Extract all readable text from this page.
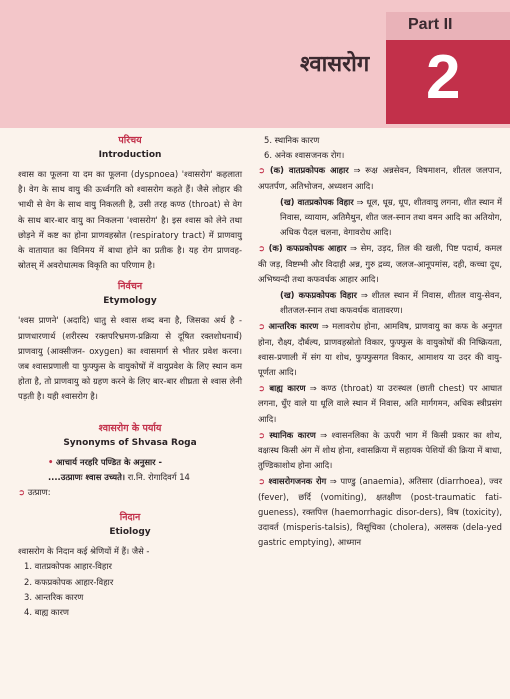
श्वासरोग
Part II
2
परिचय
Introduction

श्वास का फूलना या दम का फूलना (dyspnoea) 'श्वासरोग' कहलाता है। वेग के साथ वायु की ऊर्ध्वगति को श्वासरोग कहते हैं। जैसे लोहार की भाथी से वेग के साथ वायु निकलती है, उसी तरह कण्ठ (throat) से वेग के साथ बार-बार वायु का निकलना 'श्वासरोग' है। इस श्वास को लेने तथा छोड़ने में कष्ट का होना प्राणवहस्रोत (respiratory tract) में प्राणवायु के वातायात का विनिमय में बाधा होने का प्रतीक है। यह रोग प्राणवह-स्रोतस् में अवरोधात्मक विकृति का परिणाम है।

निर्वचन
Etymology

'श्वस प्राणने' (अदादि) धातु से श्वास शब्द बना है, जिसका अर्थ है - प्राणधारणार्थ (शरीरस्थ रक्तपरिभ्रमण-प्रक्रिया से दूषित रक्तशोधनार्थ) प्राणवायु (आक्सीजन- oxygen) का श्वासमार्ग से भीतर प्रवेश करना। जब श्वासप्रणाली या फुफ्फुस के वायुकोषों में वायुप्रवेश के लिए स्थान कम होता है, तो प्राणवायु को ग्रहण करने के लिए बार-बार शीघ्रता से श्वास लेनी पड़ती है। यही श्वासरोग है।

श्वासरोग के पर्याय
Synonyms of Shvasa Roga
• आचार्य नरहरि पण्डित के अनुसार -
....उत्प्राणः श्वास उच्यते। रा.नि. रोगादिवर्ग 14
➲ उत्प्राण:
निदान
Etiology

श्वासरोग के निदान कई श्रेणियों में हैं। जैसे -

1. वातप्रकोपक आहार-विहार
2. कफप्रकोपक आहार-विहार
3. आन्तरिक कारण
4. बाह्य कारण
5. स्थानिक कारण
6. अनेक श्वासजनक रोग।
➲ (क) वातप्रकोपक आहार ⇒ रूक्ष अन्नसेवन, विषमाशन, शीतल जलपान, अपतर्पण, अतिभोजन, अध्यशन आदि।
(ख) वातप्रकोपक विहार ⇒ धूल, धूम्र, धूप, शीतवायु लगना, शीत स्थान में निवास, व्यायाम, अतिमैथुन, शीत जल-स्नान तथा वमन आदि का अतियोग, अधिक पैदल चलना, वेगावरोध आदि।
➲ (क) कफप्रकोपक आहार ⇒ सेम, उड़द, तिल की खली, पिष्ट पदार्थ, कमल की जड़, विष्टम्भी और विदाही अन्न, गुरु द्रव्य, जलज-आनूपमांस, दही, कच्चा दूध, अभिष्यन्दी तथा कफवर्धक आहार आदि।
(ख) कफप्रकोपक विहार ⇒ शीतल स्थान में निवास, शीतल वायु-सेवन, शीतजल-स्नान तथा कफवर्धक वातावरण।
➲ आन्तरिक कारण ⇒ मलावरोध होना, आमविष, प्राणवायु का कफ के अनुगत होना, रौक्ष्य, दौर्बल्य, प्राणवहस्रोतो विकार, फुफ्फुस के वायुकोषों की निष्क्रियता, श्वास-प्रणाली में संग या शोथ, फुफ्फुसगत विकार, आमाशय या उदर की वायु-पूर्णता आदि।
➲ बाह्य कारण ⇒ कण्ठ (throat) या उरःस्थल (छाती chest) पर आघात लगना, धुँए वाले या धूलि वाले स्थान में निवास, अति मार्गगमन, अधिक स्त्रीप्रसंग आदि।
➲ स्थानिक कारण ⇒ श्वासनलिका के ऊपरी भाग में किसी प्रकार का शोथ, वक्षःस्थ किसी अंग में शोथ होना, श्वासक्रिया में सहायक पेशियों की क्रिया में बाधा, तुण्डिकाशोथ होना आदि।
➲ श्वासरोगजनक रोग ⇒ पाण्डु (anaemia), अतिसार (diarrhoea), ज्वर (fever), छर्दि (vomiting), क्षतक्षीण (post-traumatic fati-gueness), रक्तपित्त (haemorrhagic disor-ders), विष (toxicity), उदावर्त (misperis-talsis), विसूचिका (cholera), अलसक (dela-yed gastric emptying), आध्मान
